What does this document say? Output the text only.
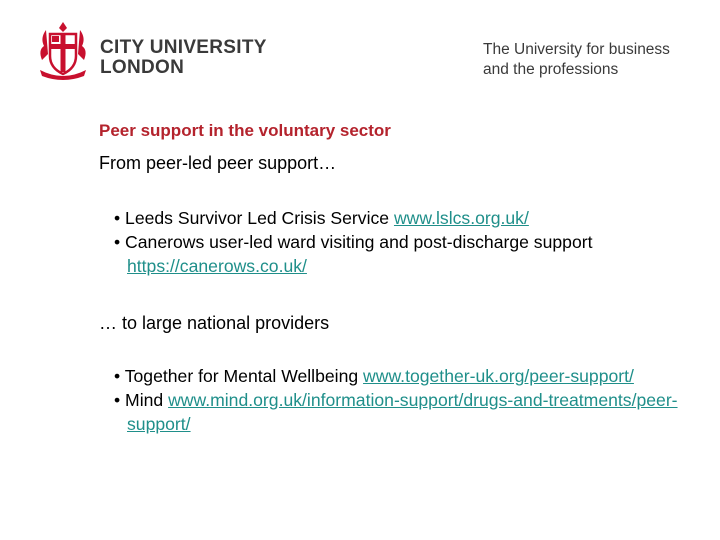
CITY UNIVERSITY
LONDON
The University for business
and the professions
Peer support in the voluntary sector
From peer-led peer support…
• Leeds Survivor Led Crisis Service www.lslcs.org.uk/
• Canerows user-led ward visiting and post-discharge support https://canerows.co.uk/
… to large national providers
• Together for Mental Wellbeing www.together-uk.org/peer-support/
• Mind www.mind.org.uk/information-support/drugs-and-treatments/peer-support/
